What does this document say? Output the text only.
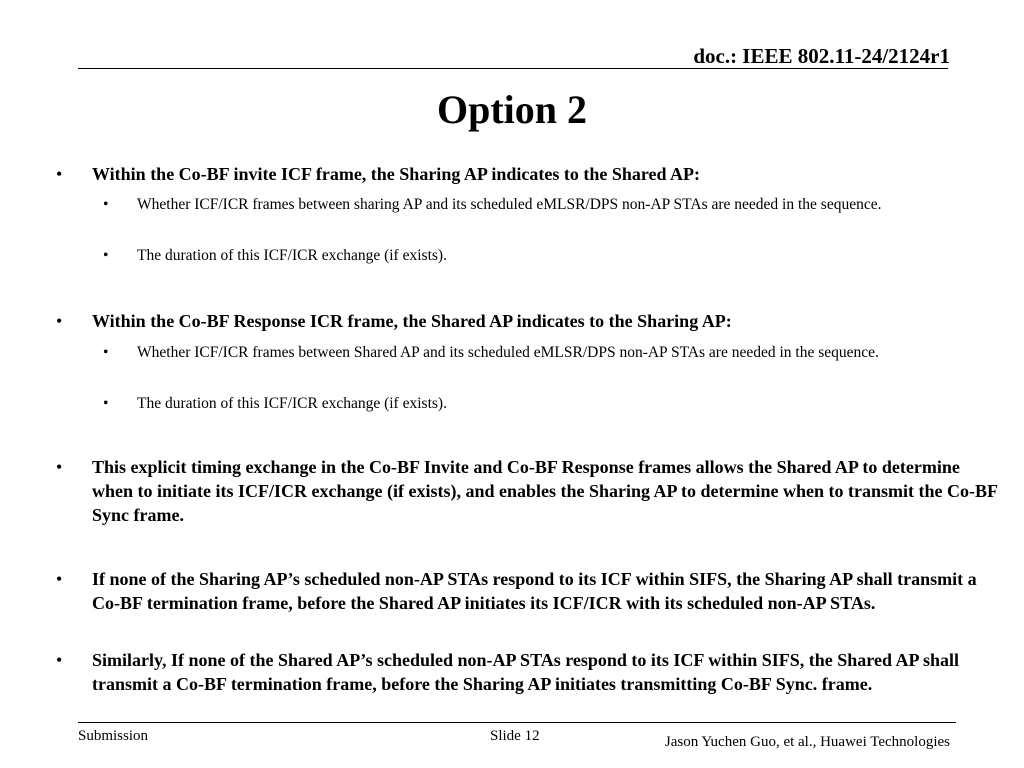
doc.: IEEE 802.11-24/2124r1
Option 2
• Within the Co-BF invite ICF frame, the Sharing AP indicates to the Shared AP:
• Whether ICF/ICR frames between sharing AP and its scheduled eMLSR/DPS non-AP STAs are needed in the sequence.
• The duration of this ICF/ICR exchange (if exists).
• Within the Co-BF Response ICR frame, the Shared AP indicates to the Sharing AP:
• Whether ICF/ICR frames between Shared AP and its scheduled eMLSR/DPS non-AP STAs are needed in the sequence.
• The duration of this ICF/ICR exchange (if exists).
• This explicit timing exchange in the Co-BF Invite and Co-BF Response frames allows the Shared AP to determine when to initiate its ICF/ICR exchange (if exists), and enables the Sharing AP to determine when to transmit the Co-BF Sync frame.
• If none of the Sharing AP’s scheduled non-AP STAs respond to its ICF within SIFS, the Sharing AP shall transmit a Co-BF termination frame, before the Shared AP initiates its ICF/ICR with its scheduled non-AP STAs.
• Similarly, If none of the Shared AP’s scheduled non-AP STAs respond to its ICF within SIFS, the Shared AP shall transmit a Co-BF termination frame, before the Sharing AP initiates transmitting Co-BF Sync. frame.
Submission	Slide 12	Jason Yuchen Guo, et al., Huawei Technologies
